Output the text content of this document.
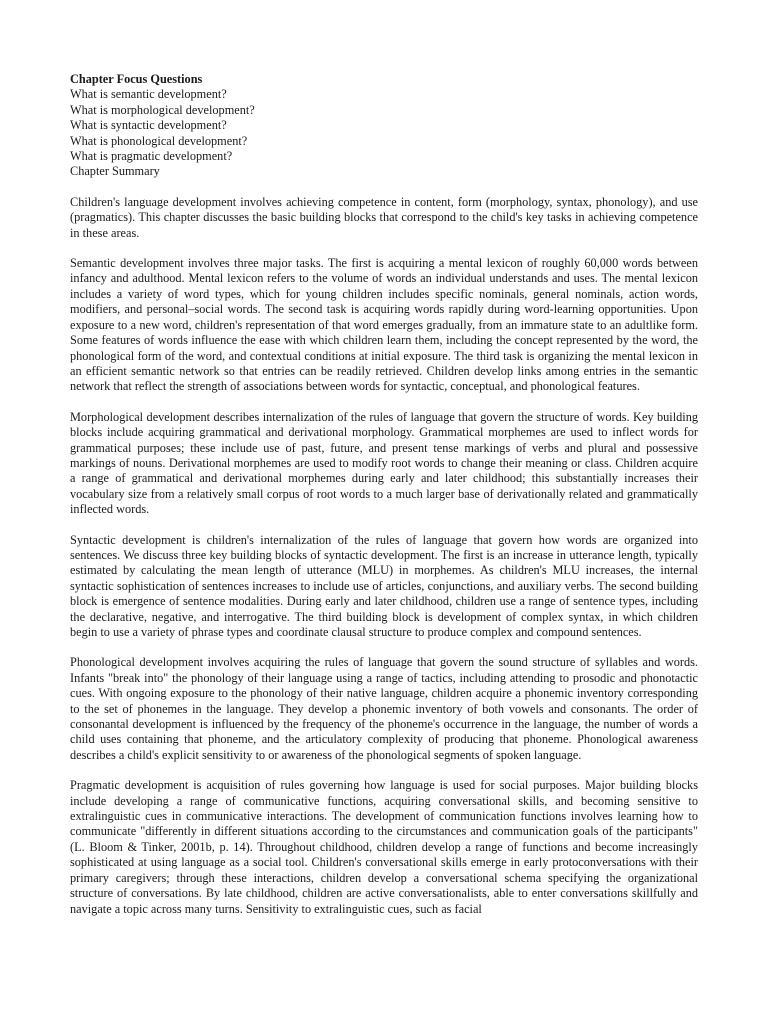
Chapter Focus Questions

What is semantic development?

What is morphological development?

What is syntactic development?

What is phonological development?

What is pragmatic development?

Chapter Summary

Children's language development involves achieving competence in content, form (morphology, syntax, phonology), and use (pragmatics). This chapter discusses the basic building blocks that correspond to the child's key tasks in achieving competence in these areas.

Semantic development involves three major tasks. The first is acquiring a mental lexicon of roughly 60,000 words between infancy and adulthood. Mental lexicon refers to the volume of words an individual understands and uses. The mental lexicon includes a variety of word types, which for young children includes specific nominals, general nominals, action words, modifiers, and personal–social words. The second task is acquiring words rapidly during word-learning opportunities. Upon exposure to a new word, children's representation of that word emerges gradually, from an immature state to an adultlike form. Some features of words influence the ease with which children learn them, including the concept represented by the word, the phonological form of the word, and contextual conditions at initial exposure. The third task is organizing the mental lexicon in an efficient semantic network so that entries can be readily retrieved. Children develop links among entries in the semantic network that reflect the strength of associations between words for syntactic, conceptual, and phonological features.

Morphological development describes internalization of the rules of language that govern the structure of words. Key building blocks include acquiring grammatical and derivational morphology. Grammatical morphemes are used to inflect words for grammatical purposes; these include use of past, future, and present tense markings of verbs and plural and possessive markings of nouns. Derivational morphemes are used to modify root words to change their meaning or class. Children acquire a range of grammatical and derivational morphemes during early and later childhood; this substantially increases their vocabulary size from a relatively small corpus of root words to a much larger base of derivationally related and grammatically inflected words.

Syntactic development is children's internalization of the rules of language that govern how words are organized into sentences. We discuss three key building blocks of syntactic development. The first is an increase in utterance length, typically estimated by calculating the mean length of utterance (MLU) in morphemes. As children's MLU increases, the internal syntactic sophistication of sentences increases to include use of articles, conjunctions, and auxiliary verbs. The second building block is emergence of sentence modalities. During early and later childhood, children use a range of sentence types, including the declarative, negative, and interrogative. The third building block is development of complex syntax, in which children begin to use a variety of phrase types and coordinate clausal structure to produce complex and compound sentences.

Phonological development involves acquiring the rules of language that govern the sound structure of syllables and words. Infants "break into" the phonology of their language using a range of tactics, including attending to prosodic and phonotactic cues. With ongoing exposure to the phonology of their native language, children acquire a phonemic inventory corresponding to the set of phonemes in the language. They develop a phonemic inventory of both vowels and consonants. The order of consonantal development is influenced by the frequency of the phoneme's occurrence in the language, the number of words a child uses containing that phoneme, and the articulatory complexity of producing that phoneme. Phonological awareness describes a child's explicit sensitivity to or awareness of the phonological segments of spoken language.

Pragmatic development is acquisition of rules governing how language is used for social purposes. Major building blocks include developing a range of communicative functions, acquiring conversational skills, and becoming sensitive to extralinguistic cues in communicative interactions. The development of communication functions involves learning how to communicate "differently in different situations according to the circumstances and communication goals of the participants" (L. Bloom & Tinker, 2001b, p. 14). Throughout childhood, children develop a range of functions and become increasingly sophisticated at using language as a social tool. Children's conversational skills emerge in early protoconversations with their primary caregivers; through these interactions, children develop a conversational schema specifying the organizational structure of conversations. By late childhood, children are active conversationalists, able to enter conversations skillfully and navigate a topic across many turns. Sensitivity to extralinguistic cues, such as facial
